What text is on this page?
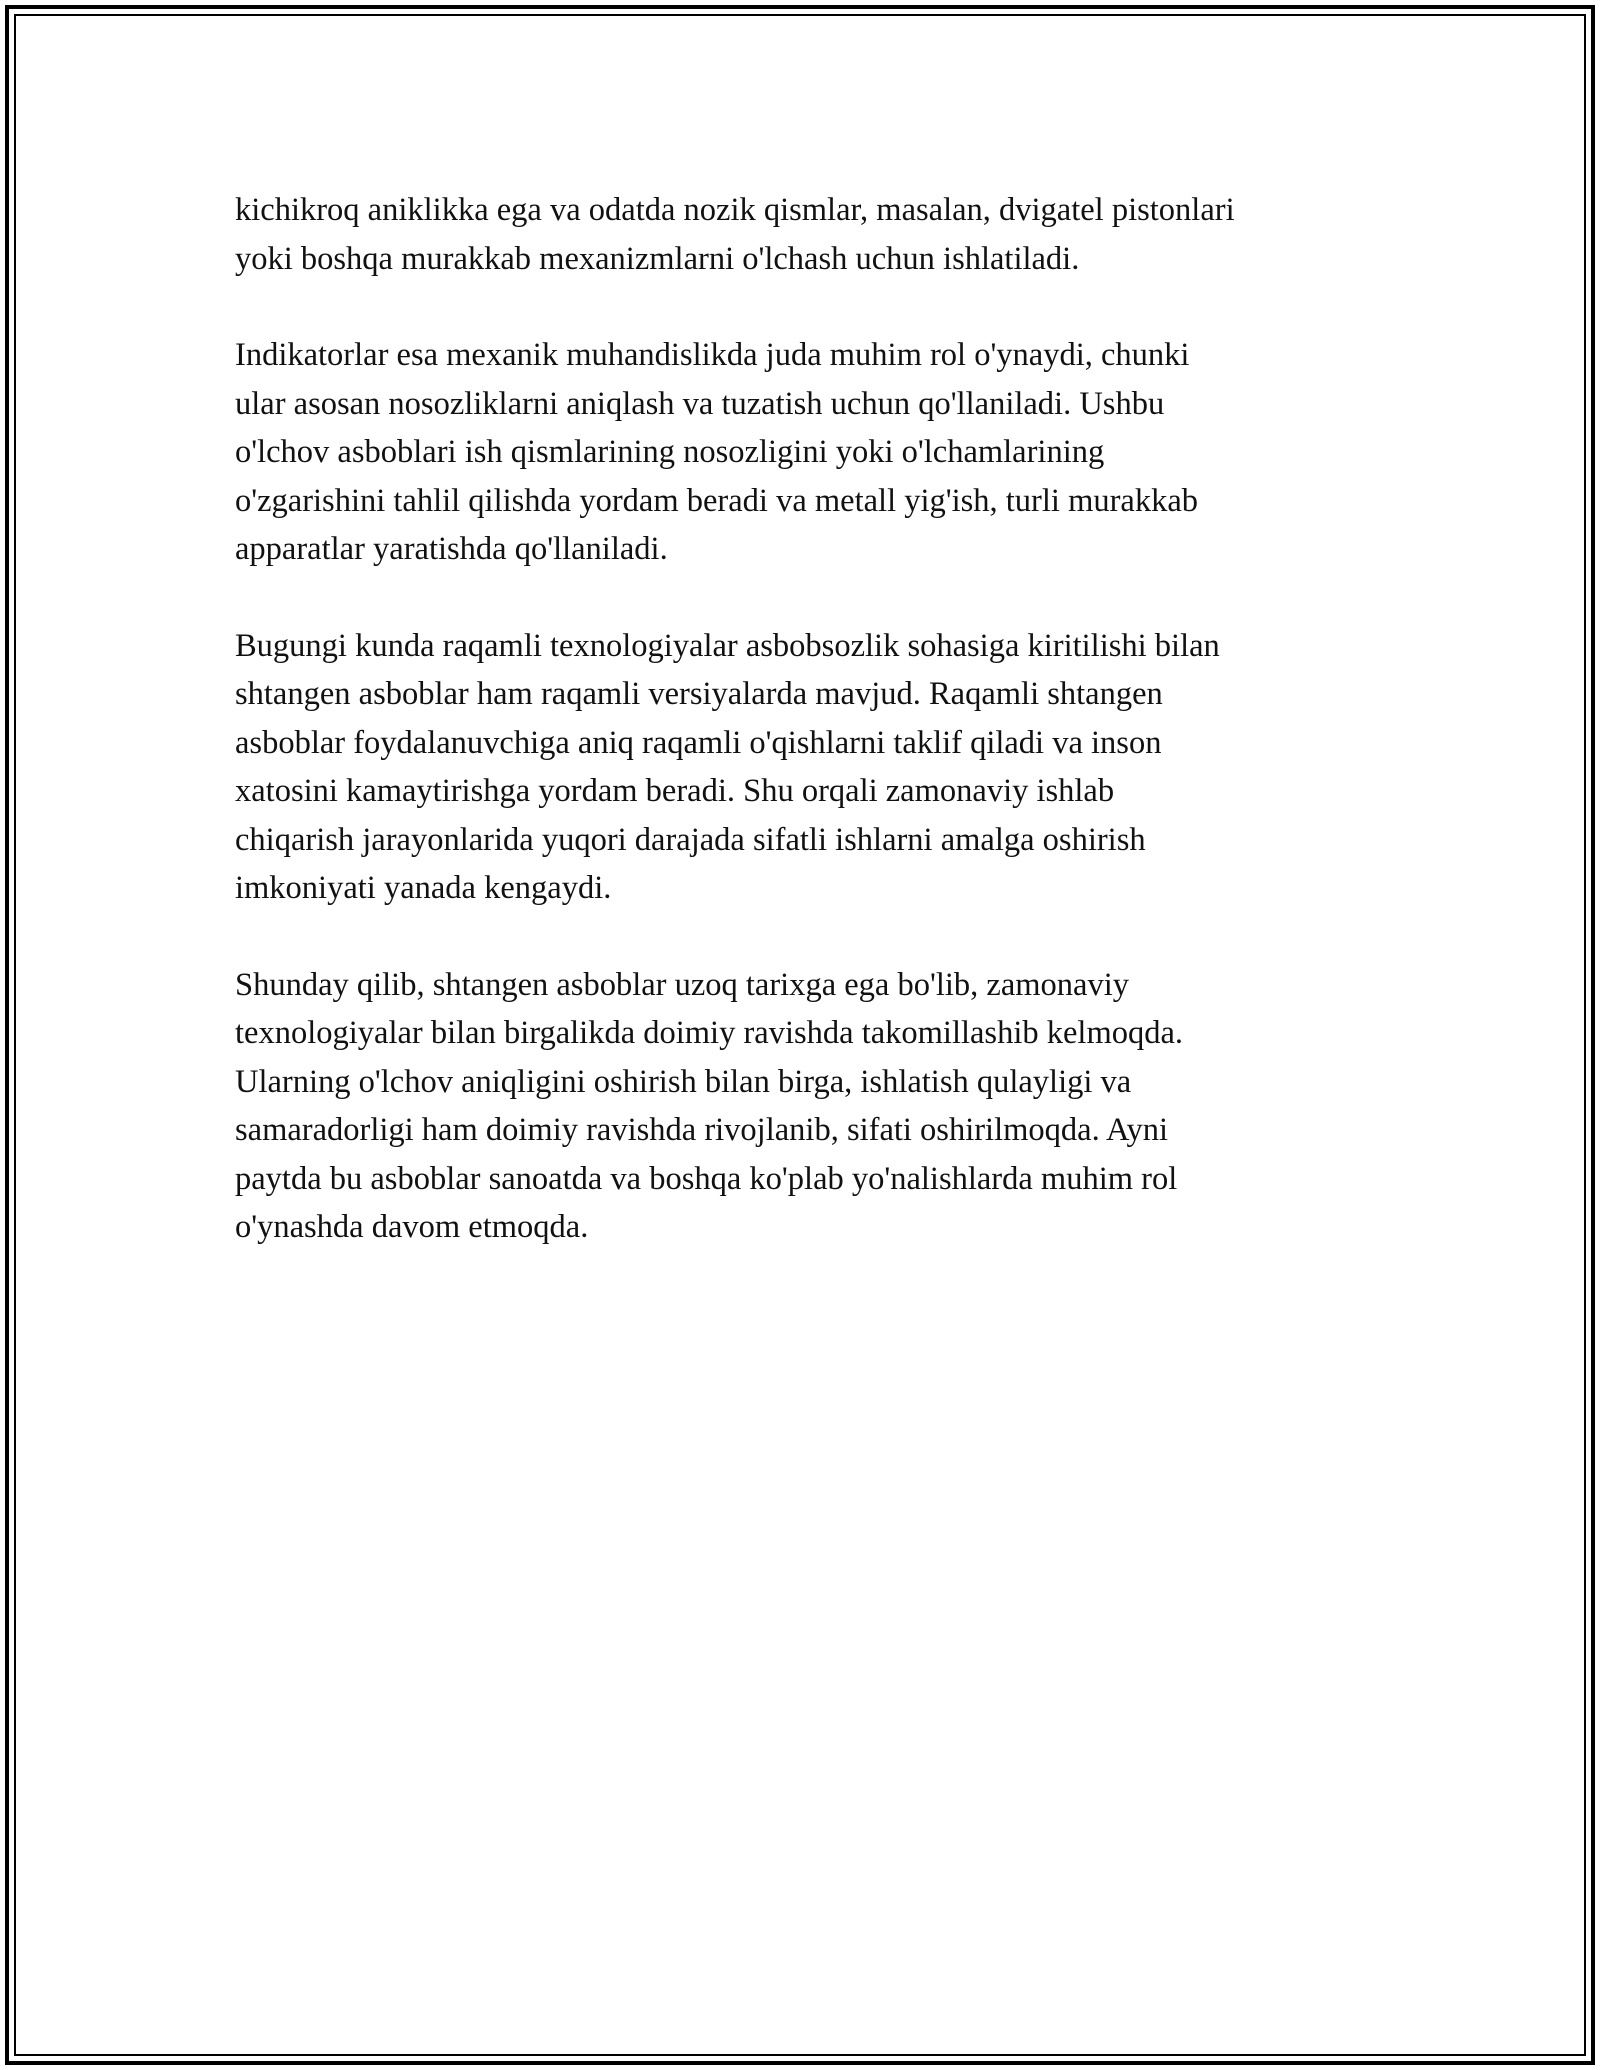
kichikroq aniklikka ega va odatda nozik qismlar, masalan, dvigatel pistonlari
yoki boshqa murakkab mexanizmlarni o'lchash uchun ishlatiladi.

Indikatorlar esa mexanik muhandislikda juda muhim rol o'ynaydi, chunki
ular asosan nosozliklarni aniqlash va tuzatish uchun qo'llaniladi. Ushbu
o'lchov asboblari ish qismlarining nosozligini yoki o'lchamlarining
o'zgarishini tahlil qilishda yordam beradi va metall yig'ish, turli murakkab
apparatlar yaratishda qo'llaniladi.

Bugungi kunda raqamli texnologiyalar asbobsozlik sohasiga kiritilishi bilan
shtangen asboblar ham raqamli versiyalarda mavjud. Raqamli shtangen
asboblar foydalanuvchiga aniq raqamli o'qishlarni taklif qiladi va inson
xatosini kamaytirishga yordam beradi. Shu orqali zamonaviy ishlab
chiqarish jarayonlarida yuqori darajada sifatli ishlarni amalga oshirish
imkoniyati yanada kengaydi.

Shunday qilib, shtangen asboblar uzoq tarixga ega bo'lib, zamonaviy
texnologiyalar bilan birgalikda doimiy ravishda takomillashib kelmoqda.
Ularning o'lchov aniqligini oshirish bilan birga, ishlatish qulayligi va
samaradorligi ham doimiy ravishda rivojlanib, sifati oshirilmoqda. Ayni
paytda bu asboblar sanoatda va boshqa ko'plab yo'nalishlarda muhim rol
o'ynashda davom etmoqda.
